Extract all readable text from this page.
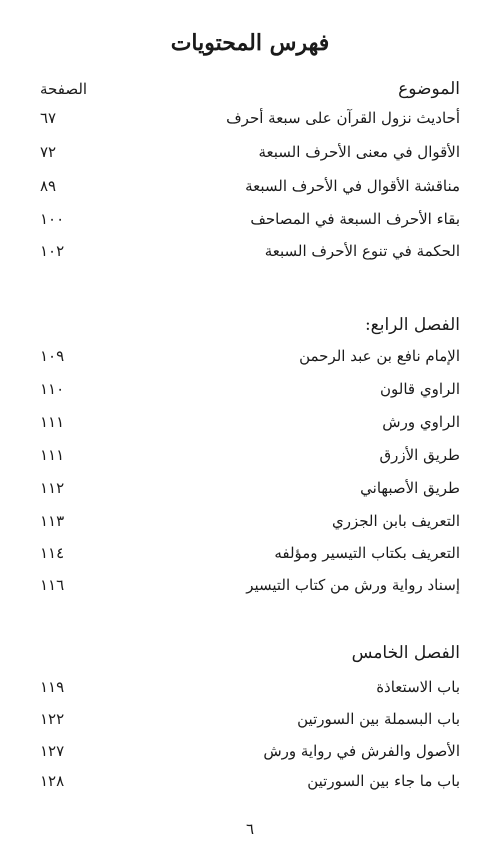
فهرس المحتويات
الموضوع
الصفحة
أحاديث نزول القرآن على سبعة أحرف
٦٧
الأقوال في معنى الأحرف السبعة
٧٢
مناقشة الأقوال في الأحرف السبعة
٨٩
بقاء الأحرف السبعة في المصاحف
١٠٠
الحكمة في تنوع الأحرف السبعة
١٠٢
الفصل الرابع:
الإمام نافع بن عبد الرحمن
١٠٩
الراوي قالون
١١٠
الراوي ورش
١١١
طريق الأزرق
١١١
طريق الأصبهاني
١١٢
التعريف بابن الجزري
١١٣
التعريف بكتاب التيسير ومؤلفه
١١٤
إسناد رواية ورش من كتاب التيسير
١١٦
الفصل الخامس
باب الاستعاذة
١١٩
باب البسملة بين السورتين
١٢٢
الأصول والفرش في رواية ورش
١٢٧
باب ما جاء بين السورتين
١٢٨
٦
